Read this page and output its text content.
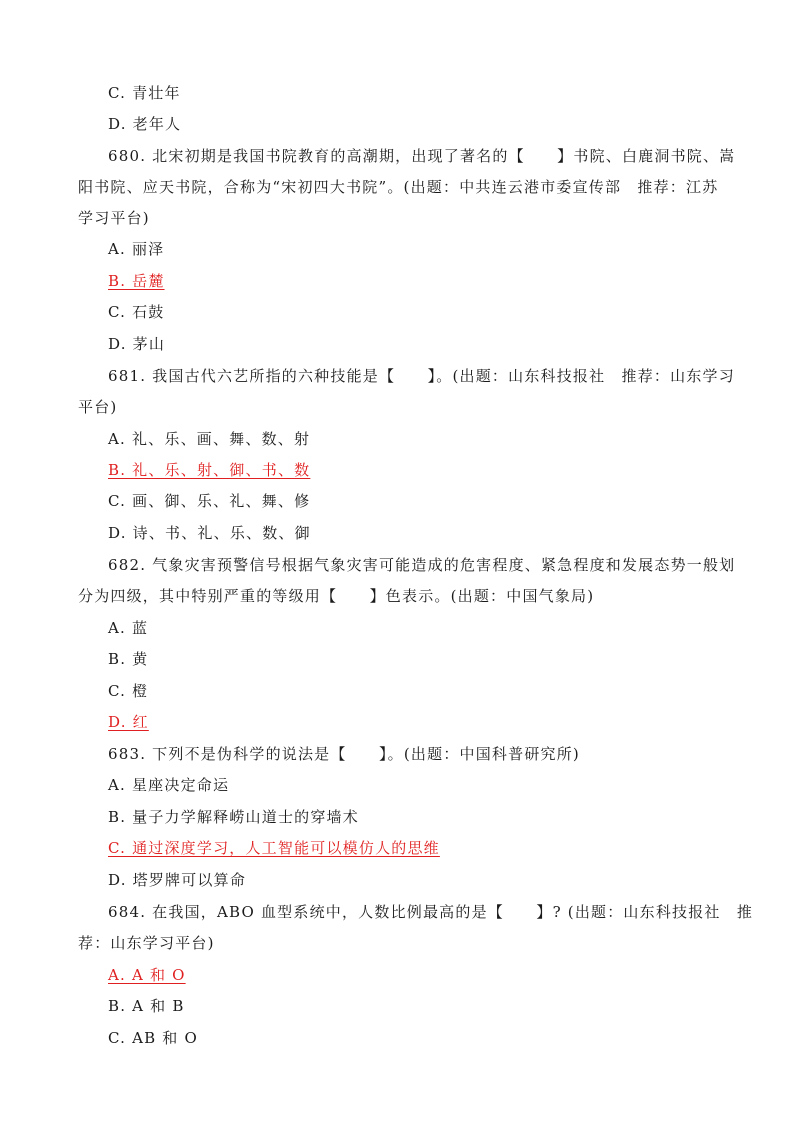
C. 青壮年
D. 老年人
680. 北宋初期是我国书院教育的高潮期，出现了著名的【　　】书院、白鹿洞书院、嵩
阳书院、应天书院，合称为“宋初四大书院”。(出题：中共连云港市委宣传部　推荐：江苏
学习平台)
A. 丽泽
B. 岳麓
C. 石鼓
D. 茅山
681. 我国古代六艺所指的六种技能是【　　】。(出题：山东科技报社　推荐：山东学习
平台)
A. 礼、乐、画、舞、数、射
B. 礼、乐、射、御、书、数
C. 画、御、乐、礼、舞、修
D. 诗、书、礼、乐、数、御
682. 气象灾害预警信号根据气象灾害可能造成的危害程度、紧急程度和发展态势一般划
分为四级，其中特别严重的等级用【　　】色表示。(出题：中国气象局)
A. 蓝
B. 黄
C. 橙
D. 红
683. 下列不是伪科学的说法是【　　】。(出题：中国科普研究所)
A. 星座决定命运
B. 量子力学解释崂山道士的穿墙术
C. 通过深度学习，人工智能可以模仿人的思维
D. 塔罗牌可以算命
684. 在我国，ABO 血型系统中，人数比例最高的是【　　】? (出题：山东科技报社　推
荐：山东学习平台)
A. A 和 O
B. A 和 B
C. AB 和 O
